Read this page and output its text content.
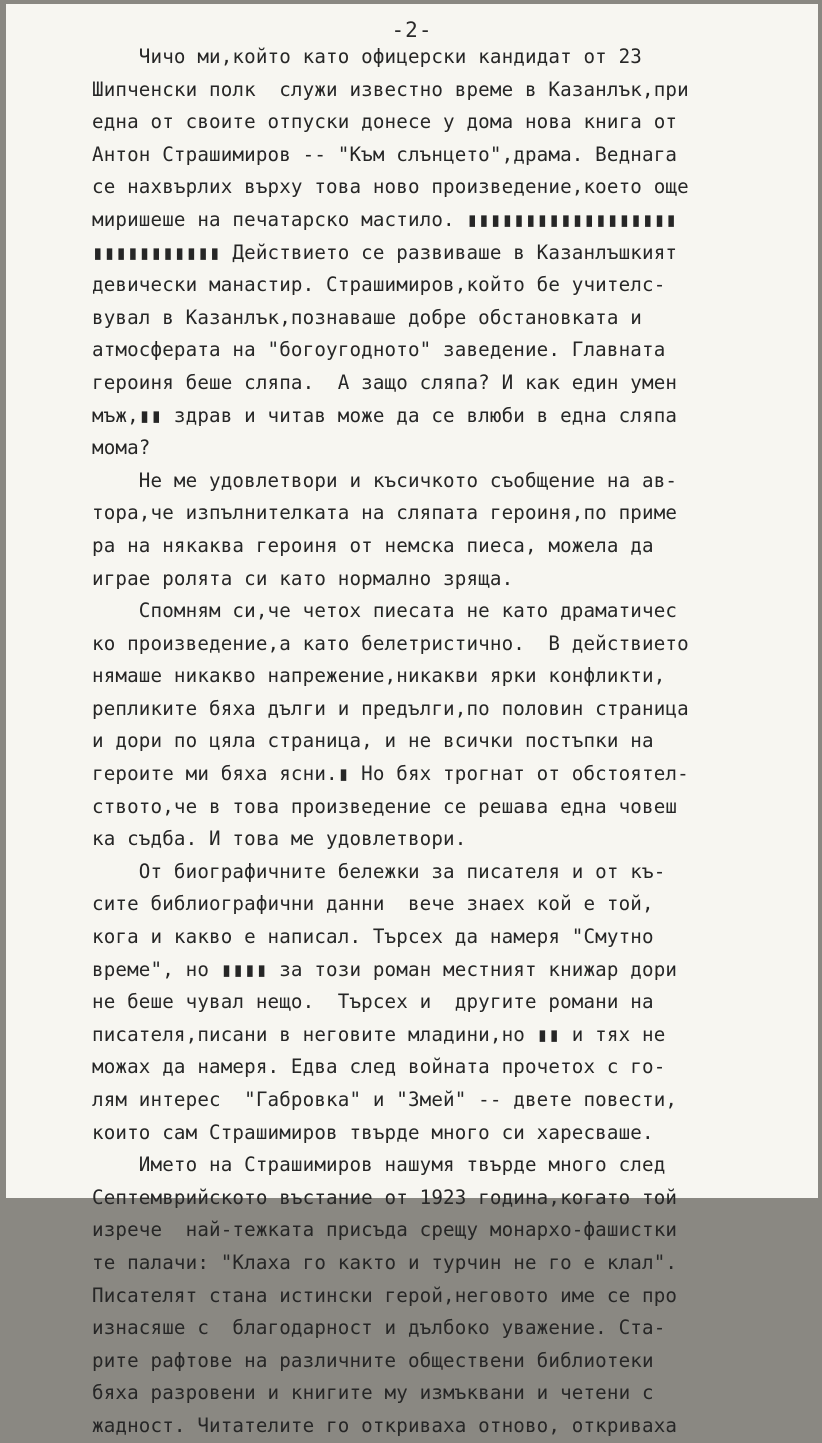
-2-
Чичо ми,който като офицерски кандидат от 23
Шипченски полк  служи известно време в Казанлък,при
една от своите отпуски донесе у дома нова книга от
Антон Страшимиров -- "Към слънцето",драма. Веднага
се нахвърлих върху това ново произведение,което още
миришеше на печатарско мастило. ▮▮▮▮▮▮▮▮▮▮▮▮▮▮▮▮▮▮
▮▮▮▮▮▮▮▮▮▮▮ Действието се развиваше в Казанлъшкият
девически манастир. Страшимиров,който бе учителс-
вувал в Казанлък,познаваше добре обстановката и
атмосферата на "богоугодното" заведение. Главната
героиня беше сляпа.  А защо сляпа? И как един умен
мъж,▮▮ здрав и читав може да се влюби в една сляпа
мома?
Не ме удовлетвори и късичкото съобщение на ав-
тора,че изпълнителката на сляпата героиня,по приме
ра на някаква героиня от немска пиеса, можела да
играе ролята си като нормално зряща.
Спомням си,че четох пиесата не като драматичес
ко произведение,а като белетристично.  В действието
нямаше никакво напрежение,никакви ярки конфликти,
репликите бяха дълги и предълги,по половин страница
и дори по цяла страница, и не всички постъпки на
героите ми бяха ясни.▮ Но бях трогнат от обстоятел-
ството,че в това произведение се решава една човеш
ка съдба. И това ме удовлетвори.
От биографичните бележки за писателя и от къ-
сите библиографични данни  вече знаех кой е той,
кога и какво е написал. Търсех да намеря "Смутно
време", но ▮▮▮▮ за този роман местният книжар дори
не беше чувал нещо.  Търсех и  другите романи на
писателя,писани в неговите младини,но ▮▮ и тях не
можах да намеря. Едва след войната прочетох с го-
лям интерес  "Габровка" и "Змей" -- двете повести,
които сам Страшимиров твърде много си харесваше.
Името на Страшимиров нашумя твърде много след
Септемврийското въстание от 1923 година,когато той
изрече  най-тежката присъда срещу монархо-фашистки
те палачи: "Клаха го както и турчин не го е клал".
Писателят стана истински герой,неговото име се про
изнасяше с  благодарност и дълбоко уважение. Ста-
рите рафтове на различните обществени библиотеки
бяха разровени и книгите му измъквани и четени с
жадност. Читателите го откриваха отново, откриваха
